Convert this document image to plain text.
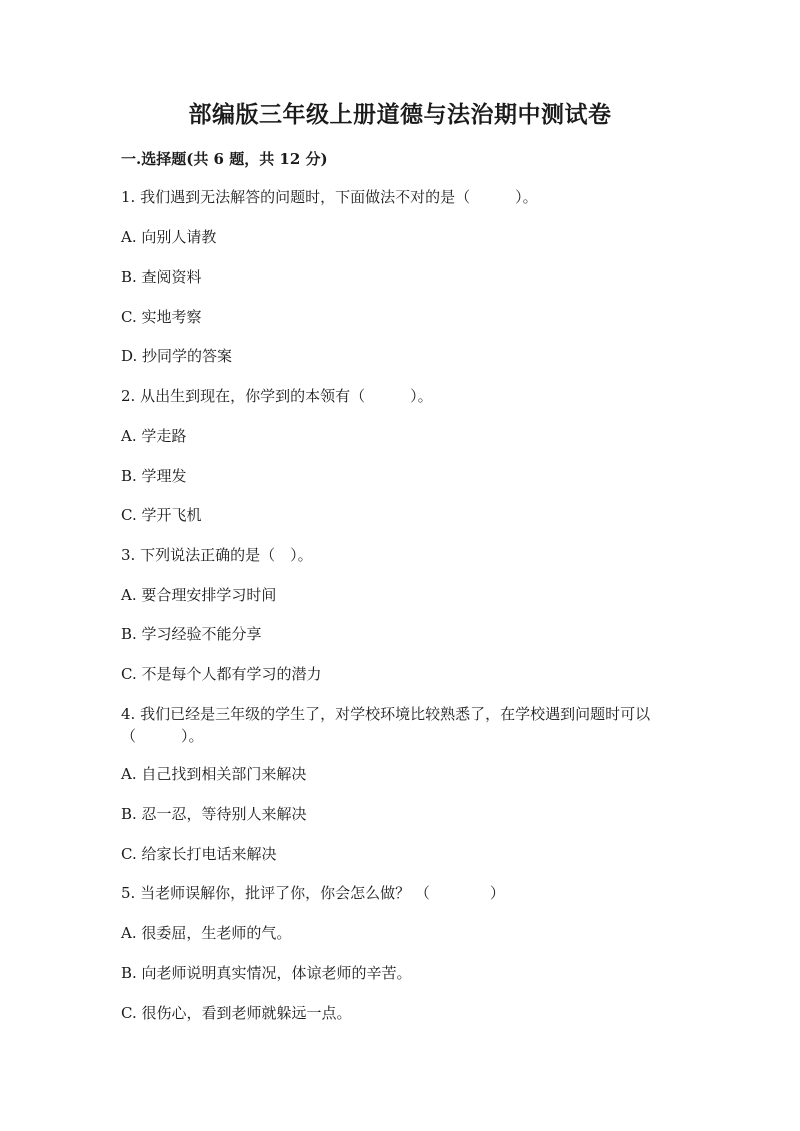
部编版三年级上册道德与法治期中测试卷
一.选择题(共 6 题，共 12 分)
1. 我们遇到无法解答的问题时，下面做法不对的是（　　　）。
A. 向别人请教
B. 查阅资料
C. 实地考察
D. 抄同学的答案
2. 从出生到现在，你学到的本领有（　　　）。
A. 学走路
B. 学理发
C. 学开飞机
3. 下列说法正确的是（　）。
A. 要合理安排学习时间
B. 学习经验不能分享
C. 不是每个人都有学习的潜力
4. 我们已经是三年级的学生了，对学校环境比较熟悉了，在学校遇到问题时可以（　　　）。
A. 自己找到相关部门来解决
B. 忍一忍，等待别人来解决
C. 给家长打电话来解决
5. 当老师误解你，批评了你，你会怎么做？ （　　　　）
A. 很委屈，生老师的气。
B. 向老师说明真实情况，体谅老师的辛苦。
C. 很伤心，看到老师就躲远一点。
